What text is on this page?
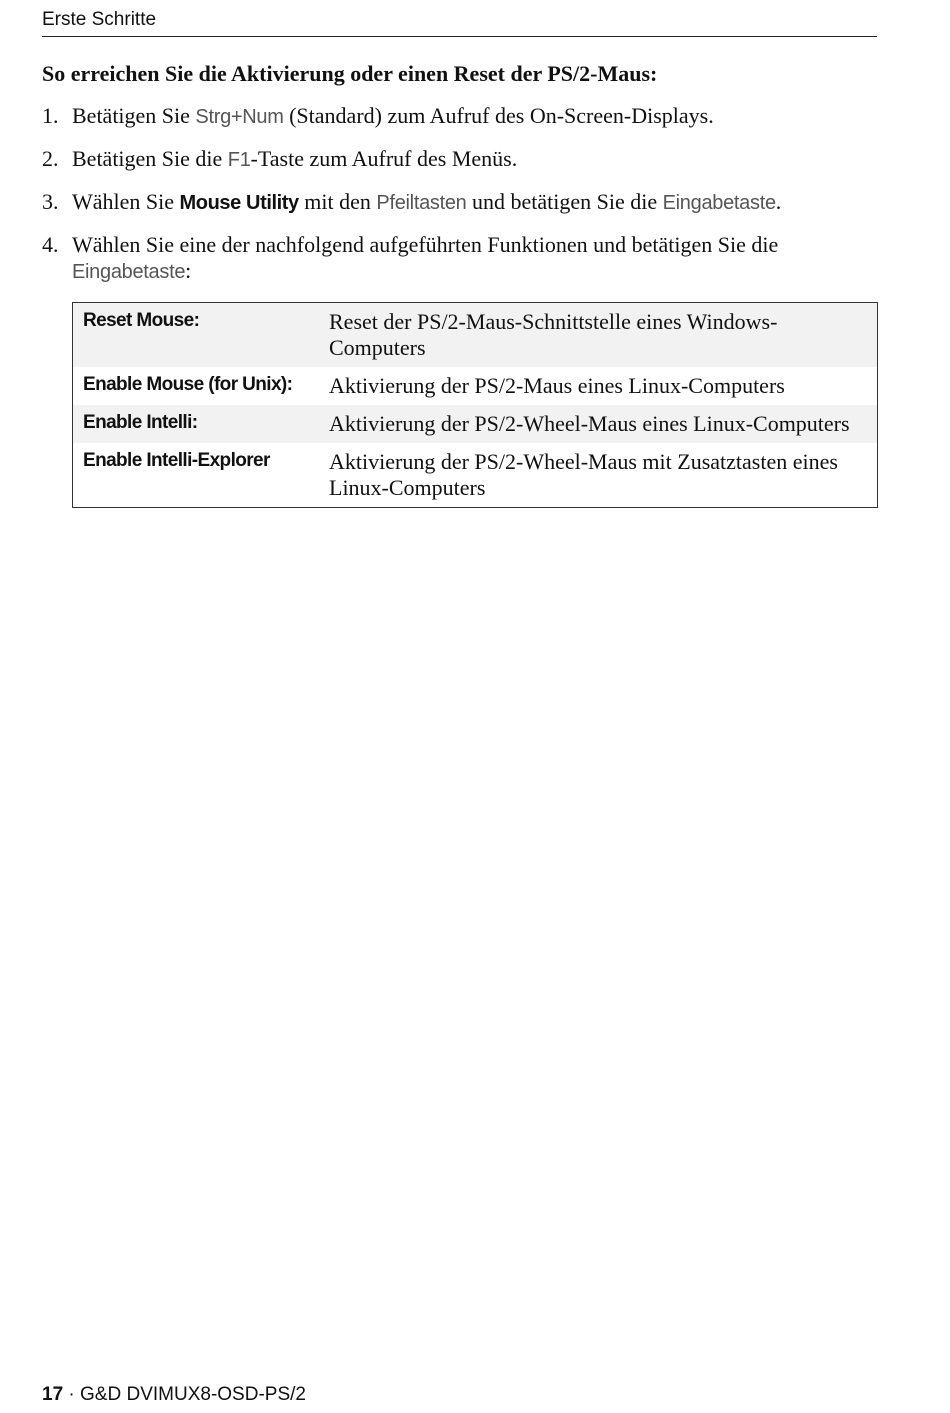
Erste Schritte
So erreichen Sie die Aktivierung oder einen Reset der PS/2-Maus:
1. Betätigen Sie Strg+Num (Standard) zum Aufruf des On-Screen-Displays.
2. Betätigen Sie die F1-Taste zum Aufruf des Menüs.
3. Wählen Sie Mouse Utility mit den Pfeiltasten und betätigen Sie die Eingabetaste.
4. Wählen Sie eine der nachfolgend aufgeführten Funktionen und betätigen Sie die Eingabetaste:
Reset Mouse:	Reset der PS/2-Maus-Schnittstelle eines Windows-Computers
Enable Mouse (for Unix):	Aktivierung der PS/2-Maus eines Linux-Computers
Enable Intelli:	Aktivierung der PS/2-Wheel-Maus eines Linux-Computers
Enable Intelli-Explorer	Aktivierung der PS/2-Wheel-Maus mit Zusatztasten eines Linux-Computers
17 · G&D DVIMUX8-OSD-PS/2
